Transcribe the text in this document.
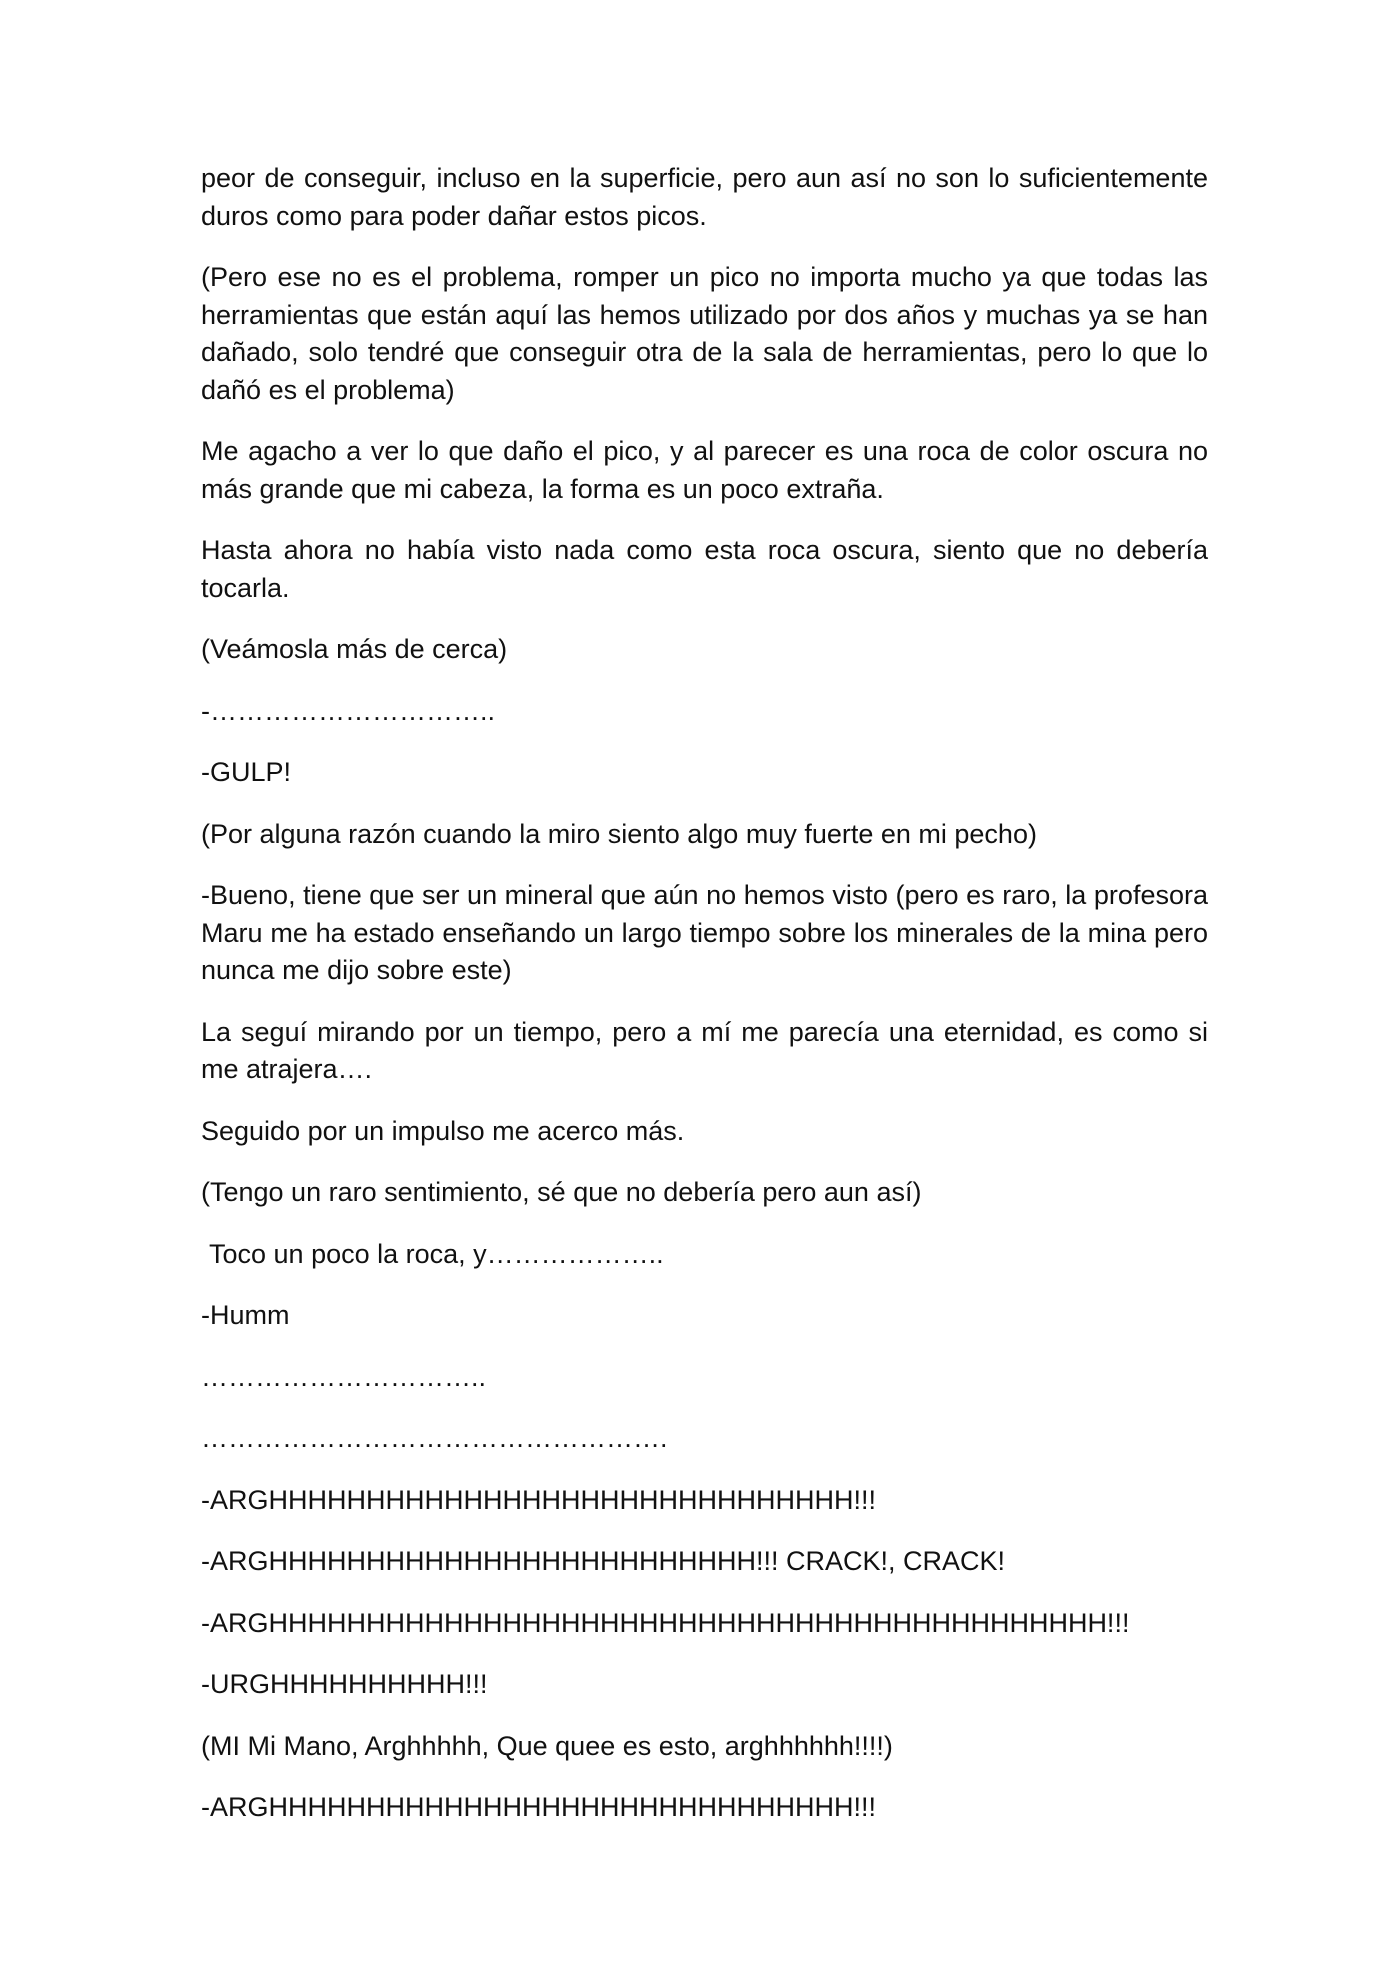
peor de conseguir, incluso en la superficie, pero aun así no son lo suficientemente duros como para poder dañar estos picos.

(Pero ese no es el problema, romper un pico no importa mucho ya que todas las herramientas que están aquí las hemos utilizado por dos años y muchas ya se han dañado, solo tendré que conseguir otra de la sala de herramientas, pero lo que lo dañó es el problema)

Me agacho a ver lo que daño el pico, y al parecer es una roca de color oscura no más grande que mi cabeza, la forma es un poco extraña.

Hasta ahora no había visto nada como esta roca oscura, siento que no debería tocarla.

(Veámosla más de cerca)

-…………………………..

-GULP!

(Por alguna razón cuando la miro siento algo muy fuerte en mi pecho)

-Bueno, tiene que ser un mineral que aún no hemos visto (pero es raro, la profesora Maru me ha estado enseñando un largo tiempo sobre los minerales de la mina pero nunca me dijo sobre este)

La seguí mirando por un tiempo, pero a mí me parecía una eternidad, es como si me atrajera….

Seguido por un impulso me acerco más.

(Tengo un raro sentimiento, sé que no debería pero aun así)

Toco un poco la roca, y………………..

-Humm

…………………………..

…………………………………………….

-ARGHHHHHHHHHHHHHHHHHHHHHHHHHHHHHH!!!

-ARGHHHHHHHHHHHHHHHHHHHHHHHHH!!! CRACK!, CRACK!

-ARGHHHHHHHHHHHHHHHHHHHHHHHHHHHHHHHHHHHHHHHHHHH!!!

-URGHHHHHHHHHH!!!

(MI Mi Mano, Arghhhhh, Que quee es esto, arghhhhhh!!!!)

-ARGHHHHHHHHHHHHHHHHHHHHHHHHHHHHHH!!!
